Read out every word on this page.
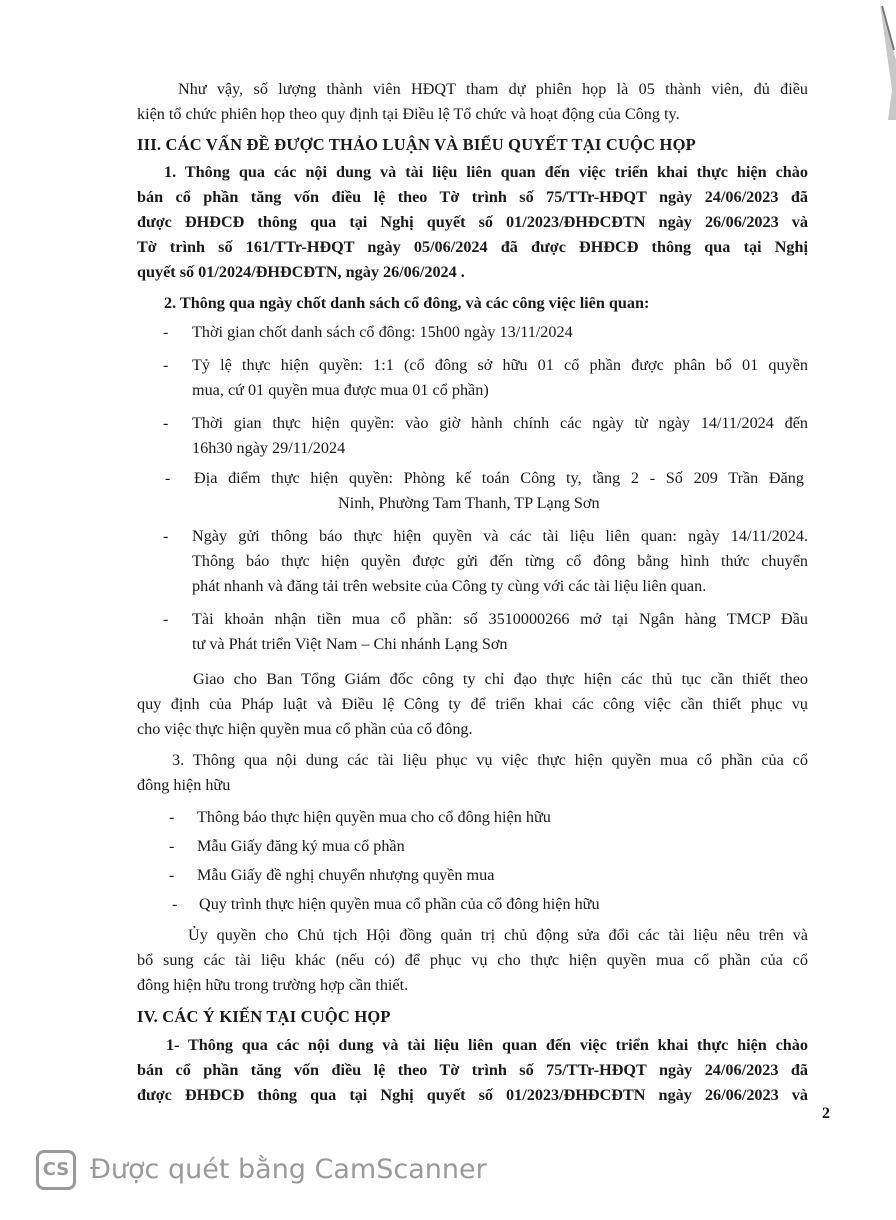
Như vậy, số lượng thành viên HĐQT tham dự phiên họp là 05 thành viên, đủ điều

kiện tổ chức phiên họp theo quy định tại Điều lệ Tổ chức và hoạt động của Công ty.

III. CÁC VẤN ĐỀ ĐƯỢC THẢO LUẬN VÀ BIỂU QUYẾT TẠI CUỘC HỌP

1. Thông qua các nội dung và tài liệu liên quan đến việc triển khai thực hiện chào

bán cổ phần tăng vốn điều lệ theo Tờ trình số 75/TTr-HĐQT ngày 24/06/2023 đã

được ĐHĐCĐ thông qua tại Nghị quyết số 01/2023/ĐHĐCĐTN ngày 26/06/2023 và

Tờ trình số 161/TTr-HĐQT ngày 05/06/2024 đã được ĐHĐCĐ thông qua tại Nghị

quyết số 01/2024/ĐHĐCĐTN, ngày 26/06/2024 .

2. Thông qua ngày chốt danh sách cổ đông, và các công việc liên quan:

- Thời gian chốt danh sách cổ đông: 15h00 ngày 13/11/2024

- Tỷ lệ thực hiện quyền: 1:1 (cổ đông sở hữu 01 cổ phần được phân bổ 01 quyền

mua, cứ 01 quyền mua được mua 01 cổ phần)

- Thời gian thực hiện quyền: vào giờ hành chính các ngày từ ngày 14/11/2024 đến

16h30 ngày 29/11/2024

- Địa điểm thực hiện quyền: Phòng kế toán Công ty, tầng 2 - Số 209 Trần Đăng

Ninh, Phường Tam Thanh, TP Lạng Sơn

- Ngày gửi thông báo thực hiện quyền và các tài liệu liên quan: ngày 14/11/2024.

Thông báo thực hiện quyền được gửi đến từng cổ đông bằng hình thức chuyển

phát nhanh và đăng tải trên website của Công ty cùng với các tài liệu liên quan.

- Tài khoản nhận tiền mua cổ phần: số 3510000266 mở tại Ngân hàng TMCP Đầu

tư và Phát triển Việt Nam – Chi nhánh Lạng Sơn

Giao cho Ban Tổng Giám đốc công ty chỉ đạo thực hiện các thủ tục cần thiết theo

quy định của Pháp luật và Điều lệ Công ty để triển khai các công việc cần thiết phục vụ

cho việc thực hiện quyền mua cổ phần của cổ đông.

3. Thông qua nội dung các tài liệu phục vụ việc thực hiện quyền mua cổ phần của cổ

đông hiện hữu

- Thông báo thực hiện quyền mua cho cổ đông hiện hữu

- Mẫu Giấy đăng ký mua cổ phần

- Mẫu Giấy đề nghị chuyển nhượng quyền mua

- Quy trình thực hiện quyền mua cổ phần của cổ đông hiện hữu

Ủy quyền cho Chủ tịch Hội đồng quản trị chủ động sửa đổi các tài liệu nêu trên và

bổ sung các tài liệu khác (nếu có) để phục vụ cho thực hiện quyền mua cổ phần của cổ

đông hiện hữu trong trường hợp cần thiết.

IV. CÁC Ý KIẾN TẠI CUỘC HỌP

1- Thông qua các nội dung và tài liệu liên quan đến việc triển khai thực hiện chào

bán cổ phần tăng vốn điều lệ theo Tờ trình số 75/TTr-HĐQT ngày 24/06/2023 đã

được ĐHĐCĐ thông qua tại Nghị quyết số 01/2023/ĐHĐCĐTN ngày 26/06/2023 và

2
CS Được quét bằng CamScanner
